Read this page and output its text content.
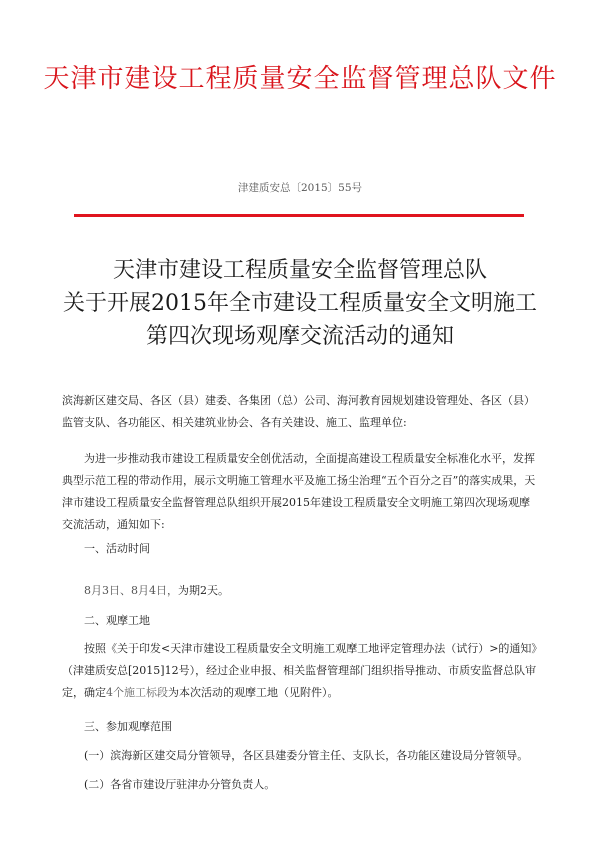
天津市建设工程质量安全监督管理总队文件
津建质安总〔2015〕55号
天津市建设工程质量安全监督管理总队
关于开展2015年全市建设工程质量安全文明施工
第四次现场观摩交流活动的通知
滨海新区建交局、各区（县）建委、各集团（总）公司、海河教育园规划建设管理处、各区（县）监管支队、各功能区、相关建筑业协会、各有关建设、施工、监理单位:
为进一步推动我市建设工程质量安全创优活动，全面提高建设工程质量安全标准化水平，发挥典型示范工程的带动作用，展示文明施工管理水平及施工扬尘治理“五个百分之百”的落实成果，天津市建设工程质量安全监督管理总队组织开展2015年建设工程质量安全文明施工第四次现场观摩交流活动，通知如下:
一、活动时间
8月3日、8月4日，为期2天。
二、观摩工地
按照《关于印发<天津市建设工程质量安全文明施工观摩工地评定管理办法（试行）>的通知》（津建质安总[2015]12号），经过企业申报、相关监督管理部门组织指导推动、市质安监督总队审定，确定4个施工标段为本次活动的观摩工地（见附件）。
三、参加观摩范围
(一）滨海新区建交局分管领导，各区县建委分管主任、支队长，各功能区建设局分管领导。
(二）各省市建设厅驻津办分管负责人。
